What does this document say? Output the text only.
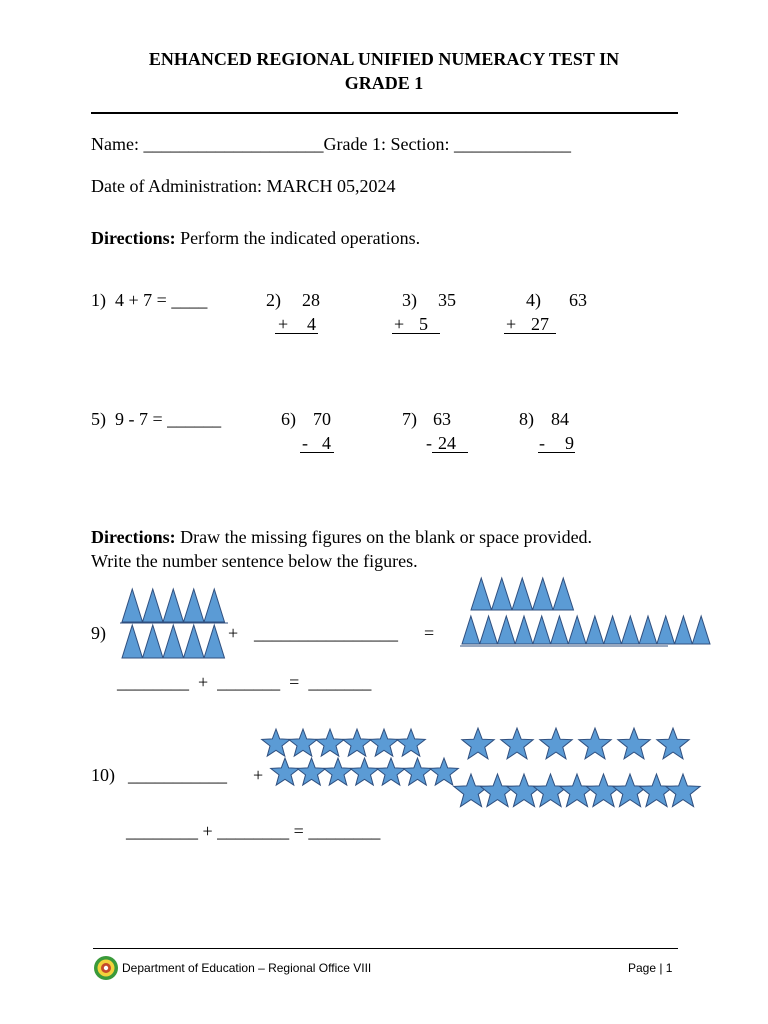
ENHANCED REGIONAL UNIFIED NUMERACY TEST IN
GRADE 1
Name: ____________________Grade 1: Section: _____________
Date of Administration: MARCH 05,2024
Directions: Perform the indicated operations.
1) 4 + 7 = ____	2) 28
+ 4
3) 35
+ 5
4) 63
+ 27
5) 9 - 7 = ______	6) 70
- 4
7) 63
- 24
8) 84
- 9
Directions: Draw the missing figures on the blank or space provided.
Write the number sentence below the figures.
9)	+ ________________ =
________ + _______ = _______
10) ___________ +
________ + ________ = ________
Department of Education – Regional Office VIII	Page | 1
